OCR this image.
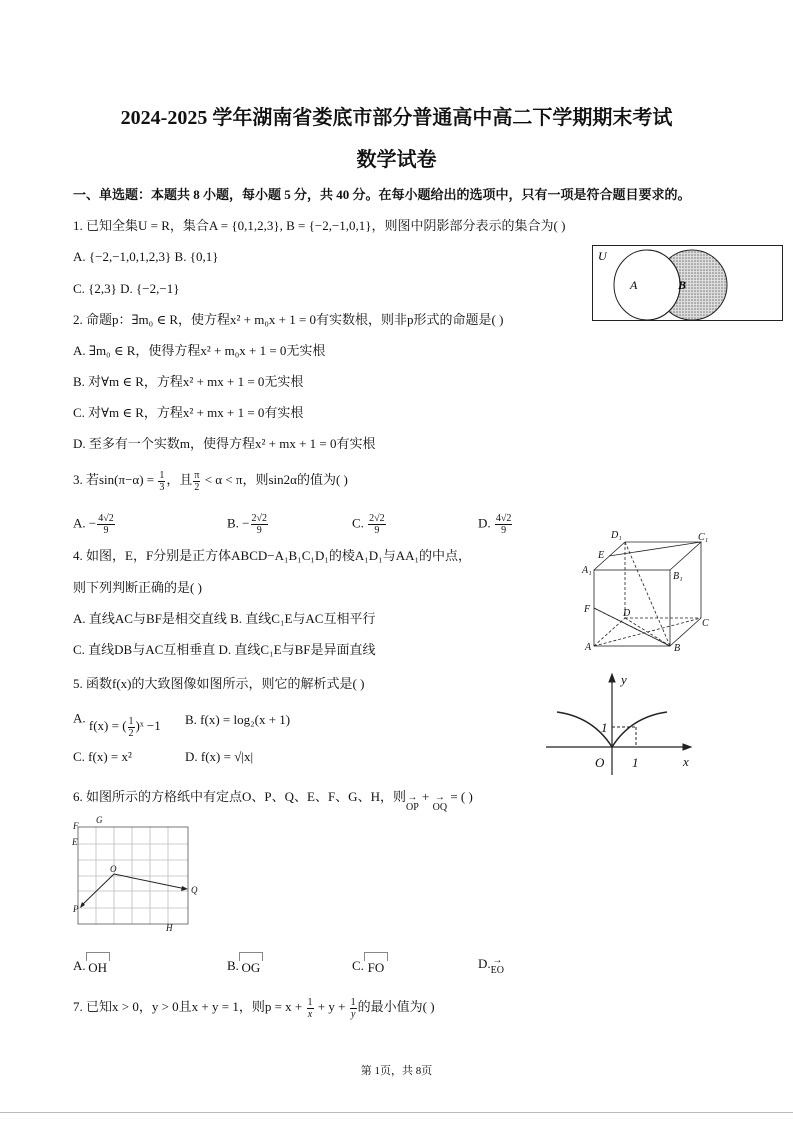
2024-2025 学年湖南省娄底市部分普通高中高二下学期期末考试
数学试卷
一、单选题：本题共 8 小题，每小题 5 分，共 40 分。在每小题给出的选项中，只有一项是符合题目要求的。
1. 已知全集U = R，集合A = {0,1,2,3}, B = {−2,−1,0,1}，则图中阴影部分表示的集合为( )
A. {−2,−1,0,1,2,3} B. {0,1}
C. {2,3} D. {−2,−1}
U
A	B
2. 命题p：∃m₀ ∈ R，使方程x² + m₀x + 1 = 0有实数根，则非p形式的命题是( )
A. ∃m₀ ∈ R，使得方程x² + m₀x + 1 = 0无实根
B. 对∀m ∈ R，方程x² + mx + 1 = 0无实根
C. 对∀m ∈ R，方程x² + mx + 1 = 0有实根
D. 至多有一个实数m，使得方程x² + mx + 1 = 0有实根
3. 若$\sin(\pi-\alpha) = \frac{1}{3}$ ，且 $\frac{\pi}{2} < \alpha < \pi$，则sin2α的值为( )
A. − $\frac{4√2}{9}$	B. − $\frac{2√2}{9}$	C. $\frac{2√2}{9}$	D. $\frac{4√2}{9}$
4. 如图，E，F分别是正方体ABCD−A₁B₁C₁D₁的棱A₁D₁与AA₁的中点，
则下列判断正确的是( )
A. 直线AC与BF是相交直线 B. 直线C₁E与AC互相平行
C. 直线DB与AC互相垂直 D. 直线C₁E与BF是异面直线
D₁	C₁
E
A₁
B₁
F	D
C
A	B
5. 函数f(x)的大致图像如图所示，则它的解析式是( )
A. f(x) = ( $\frac{1}{2}$ )ˣ −1 B. f(x) = log₂(x + 1)
C. f(x) = x²	D. f(x) = √|x|
y
x
O 1
1
6. 如图所示的方格纸中有定点O、P、Q、E、F、G、H，则 →
OP
+ →
OQ
= ( )
F
G
E
O
Q
P
H
A. OH	B. OG	C. FO	D. →
EO
7. 已知x > 0，y > 0且x + y = 1，则$p = x + \frac{1}{x} + y + \frac{1}{y}$ 的最小值为( )
第 1页，共 8页
